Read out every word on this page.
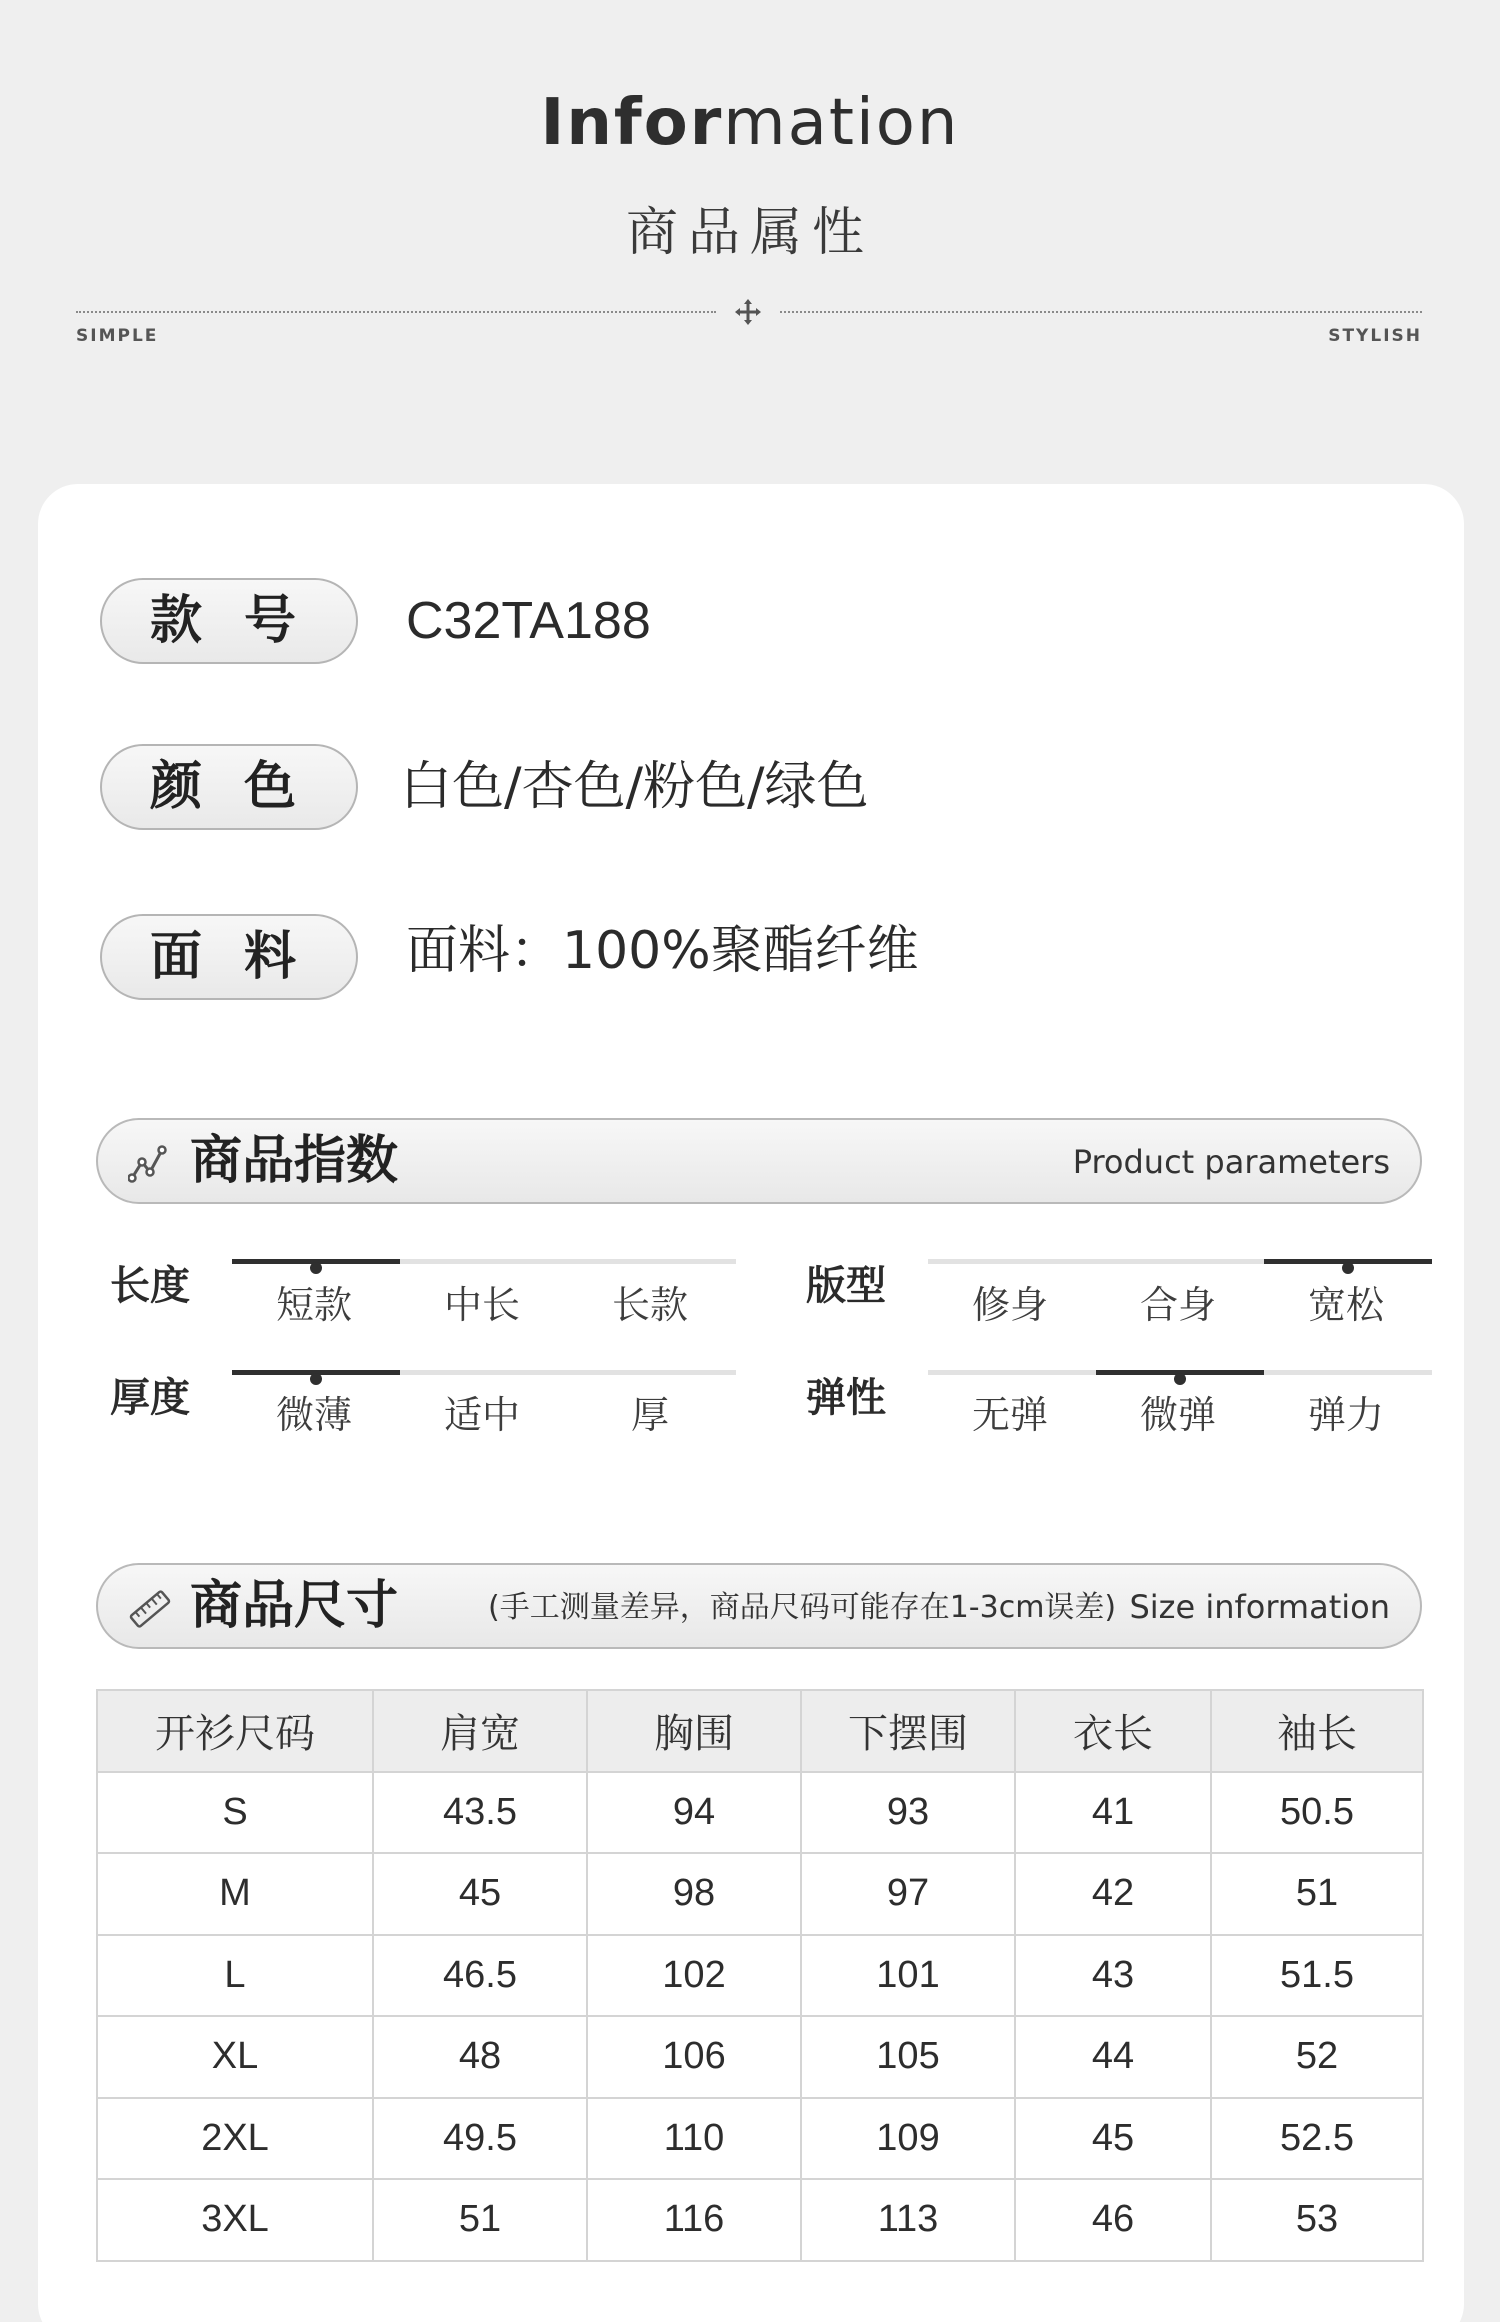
Information
商品属性
SIMPLE	STYLISH
款 号	C32TA188
颜 色	白色/杏色/粉色/绿色
面 料	面料：100%聚酯纤维
商品指数	Product parameters
长度	短款	中长	长款	版型	修身	合身	宽松
厚度	微薄	适中	厚	弹性	无弹	微弹	弹力
商品尺寸	(手工测量差异，商品尺码可能存在1-3cm误差) Size information
开衫尺码	肩宽	胸围	下摆围	衣长	袖长
S	43.5	94	93	41	50.5
M	45	98	97	42	51
L	46.5	102	101	43	51.5
XL	48	106	105	44	52
2XL	49.5	110	109	45	52.5
3XL	51	116	113	46	53
